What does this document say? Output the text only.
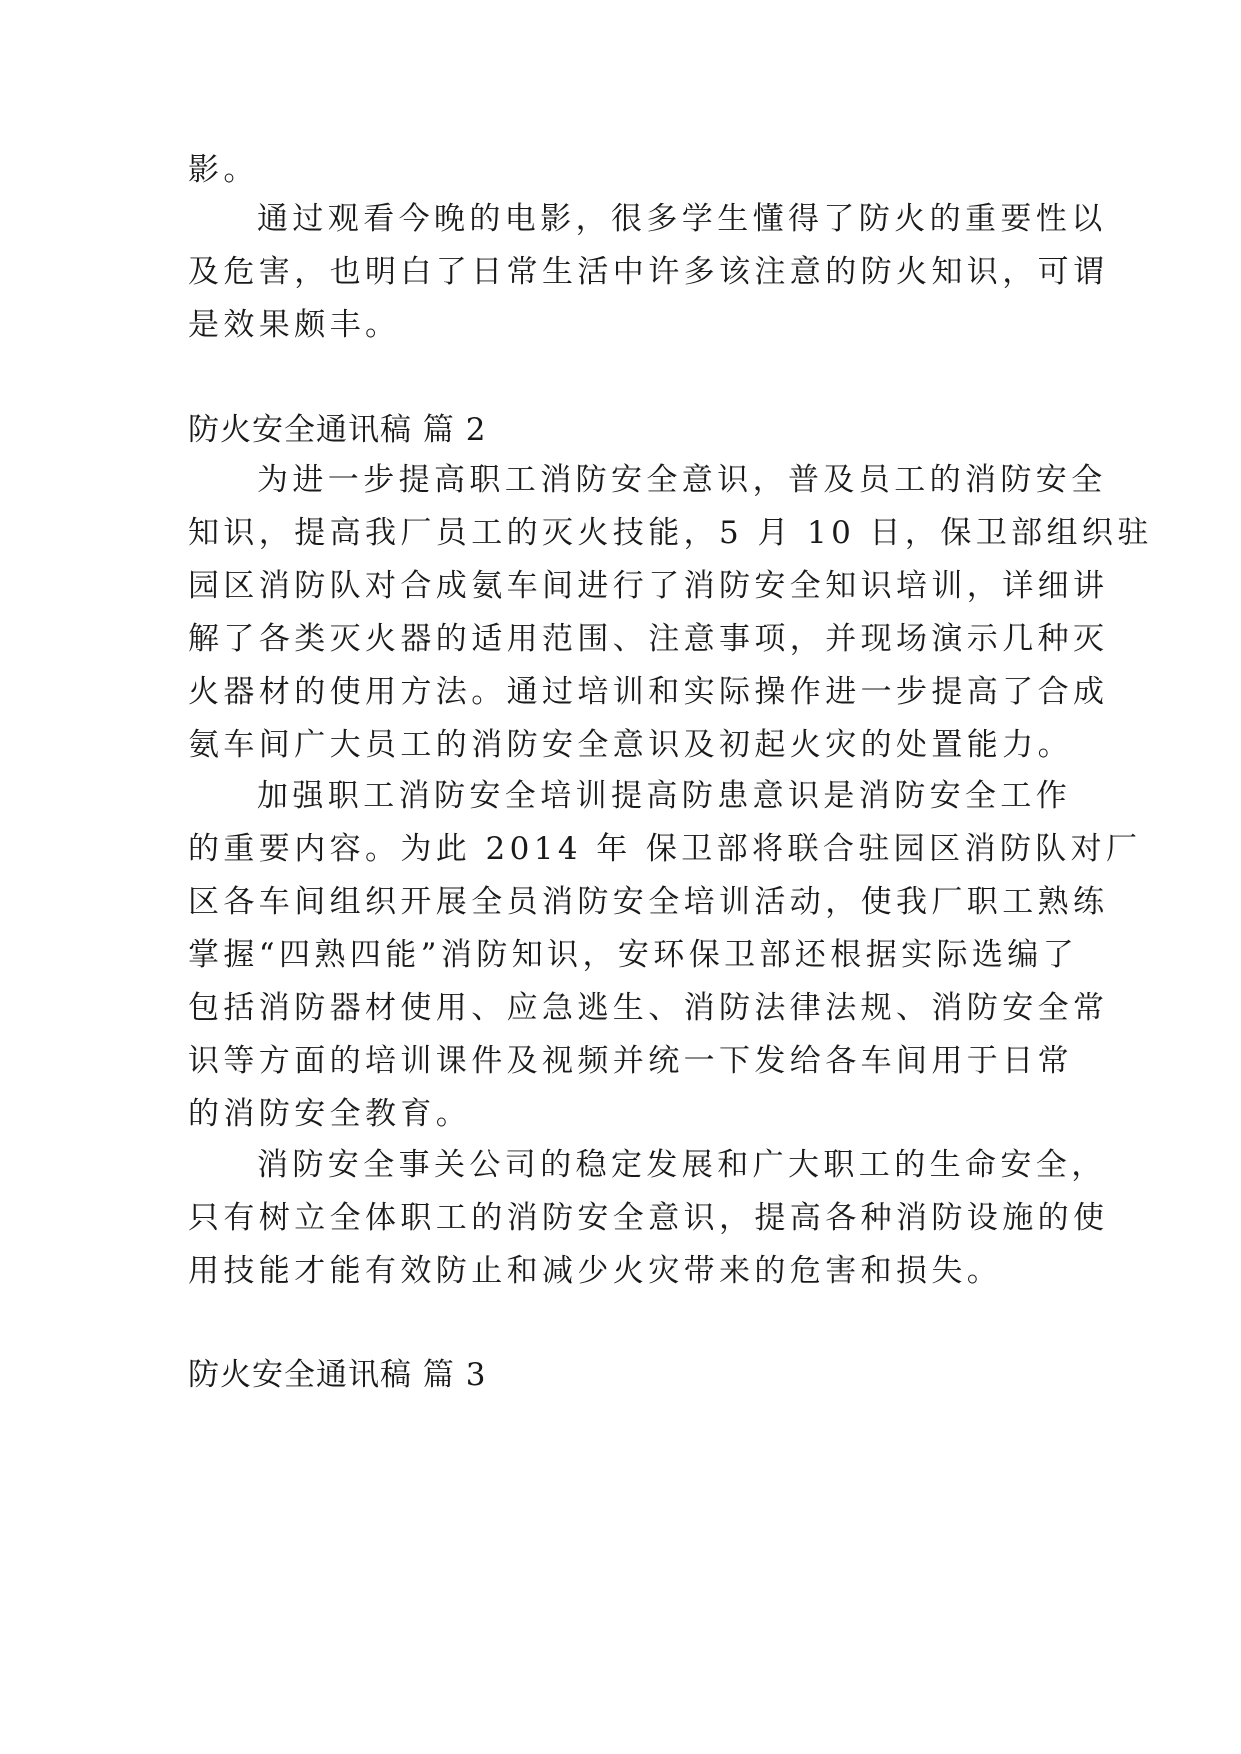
影。

通过观看今晚的电影，很多学生懂得了防火的重要性以

及危害，也明白了日常生活中许多该注意的防火知识，可谓

是效果颇丰。

防火安全通讯稿 篇 2

为进一步提高职工消防安全意识，普及员工的消防安全

知识，提高我厂员工的灭火技能，5 月 10 日，保卫部组织驻

园区消防队对合成氨车间进行了消防安全知识培训，详细讲

解了各类灭火器的适用范围、注意事项，并现场演示几种灭

火器材的使用方法。通过培训和实际操作进一步提高了合成

氨车间广大员工的消防安全意识及初起火灾的处置能力。

加强职工消防安全培训提高防患意识是消防安全工作

的重要内容。为此 2014 年 保卫部将联合驻园区消防队对厂

区各车间组织开展全员消防安全培训活动，使我厂职工熟练

掌握“四熟四能”消防知识，安环保卫部还根据实际选编了

包括消防器材使用、应急逃生、消防法律法规、消防安全常

识等方面的培训课件及视频并统一下发给各车间用于日常

的消防安全教育。

消防安全事关公司的稳定发展和广大职工的生命安全，

只有树立全体职工的消防安全意识，提高各种消防设施的使

用技能才能有效防止和减少火灾带来的危害和损失。

防火安全通讯稿 篇 3
